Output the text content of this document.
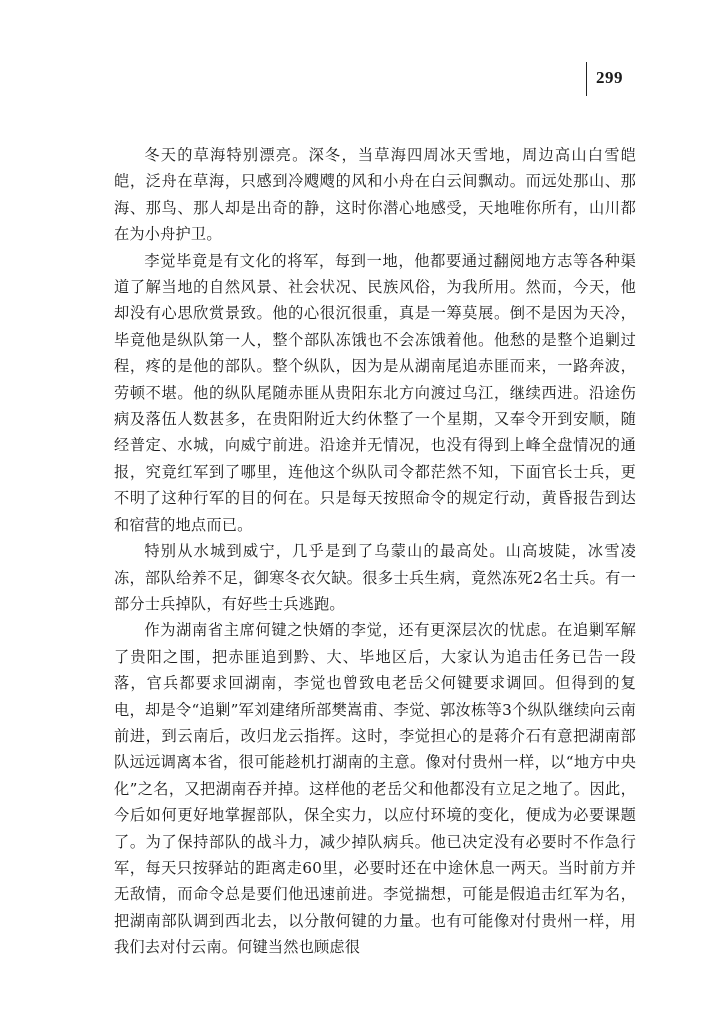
299

冬天的草海特别漂亮。深冬，当草海四周冰天雪地，周边高山白雪皑皑，泛舟在草海，只感到冷飕飕的风和小舟在白云间飘动。而远处那山、那海、那鸟、那人却是出奇的静，这时你潜心地感受，天地唯你所有，山川都在为小舟护卫。

李觉毕竟是有文化的将军，每到一地，他都要通过翻阅地方志等各种渠道了解当地的自然风景、社会状况、民族风俗，为我所用。然而，今天，他却没有心思欣赏景致。他的心很沉很重，真是一筹莫展。倒不是因为天冷，毕竟他是纵队第一人，整个部队冻饿也不会冻饿着他。他愁的是整个追剿过程，疼的是他的部队。整个纵队，因为是从湖南尾追赤匪而来，一路奔波，劳顿不堪。他的纵队尾随赤匪从贵阳东北方向渡过乌江，继续西进。沿途伤病及落伍人数甚多，在贵阳附近大约休整了一个星期，又奉令开到安顺，随经普定、水城，向威宁前进。沿途并无情况，也没有得到上峰全盘情况的通报，究竟红军到了哪里，连他这个纵队司令都茫然不知，下面官长士兵，更不明了这种行军的目的何在。只是每天按照命令的规定行动，黄昏报告到达和宿营的地点而已。

特别从水城到威宁，几乎是到了乌蒙山的最高处。山高坡陡，冰雪凌冻，部队给养不足，御寒冬衣欠缺。很多士兵生病，竟然冻死2名士兵。有一部分士兵掉队，有好些士兵逃跑。

作为湖南省主席何键之快婿的李觉，还有更深层次的忧虑。在追剿军解了贵阳之围，把赤匪追到黔、大、毕地区后，大家认为追击任务已告一段落，官兵都要求回湖南，李觉也曾致电老岳父何键要求调回。但得到的复电，却是令“追剿”军刘建绪所部樊嵩甫、李觉、郭汝栋等3个纵队继续向云南前进，到云南后，改归龙云指挥。这时，李觉担心的是蒋介石有意把湖南部队远远调离本省，很可能趁机打湖南的主意。像对付贵州一样，以“地方中央化”之名，又把湖南吞并掉。这样他的老岳父和他都没有立足之地了。因此，今后如何更好地掌握部队，保全实力，以应付环境的变化，便成为必要课题了。为了保持部队的战斗力，减少掉队病兵。他已决定没有必要时不作急行军，每天只按驿站的距离走60里，必要时还在中途休息一两天。当时前方并无敌情，而命令总是要们他迅速前进。李觉揣想，可能是假追击红军为名，把湖南部队调到西北去，以分散何键的力量。也有可能像对付贵州一样，用我们去对付云南。何键当然也顾虑很
